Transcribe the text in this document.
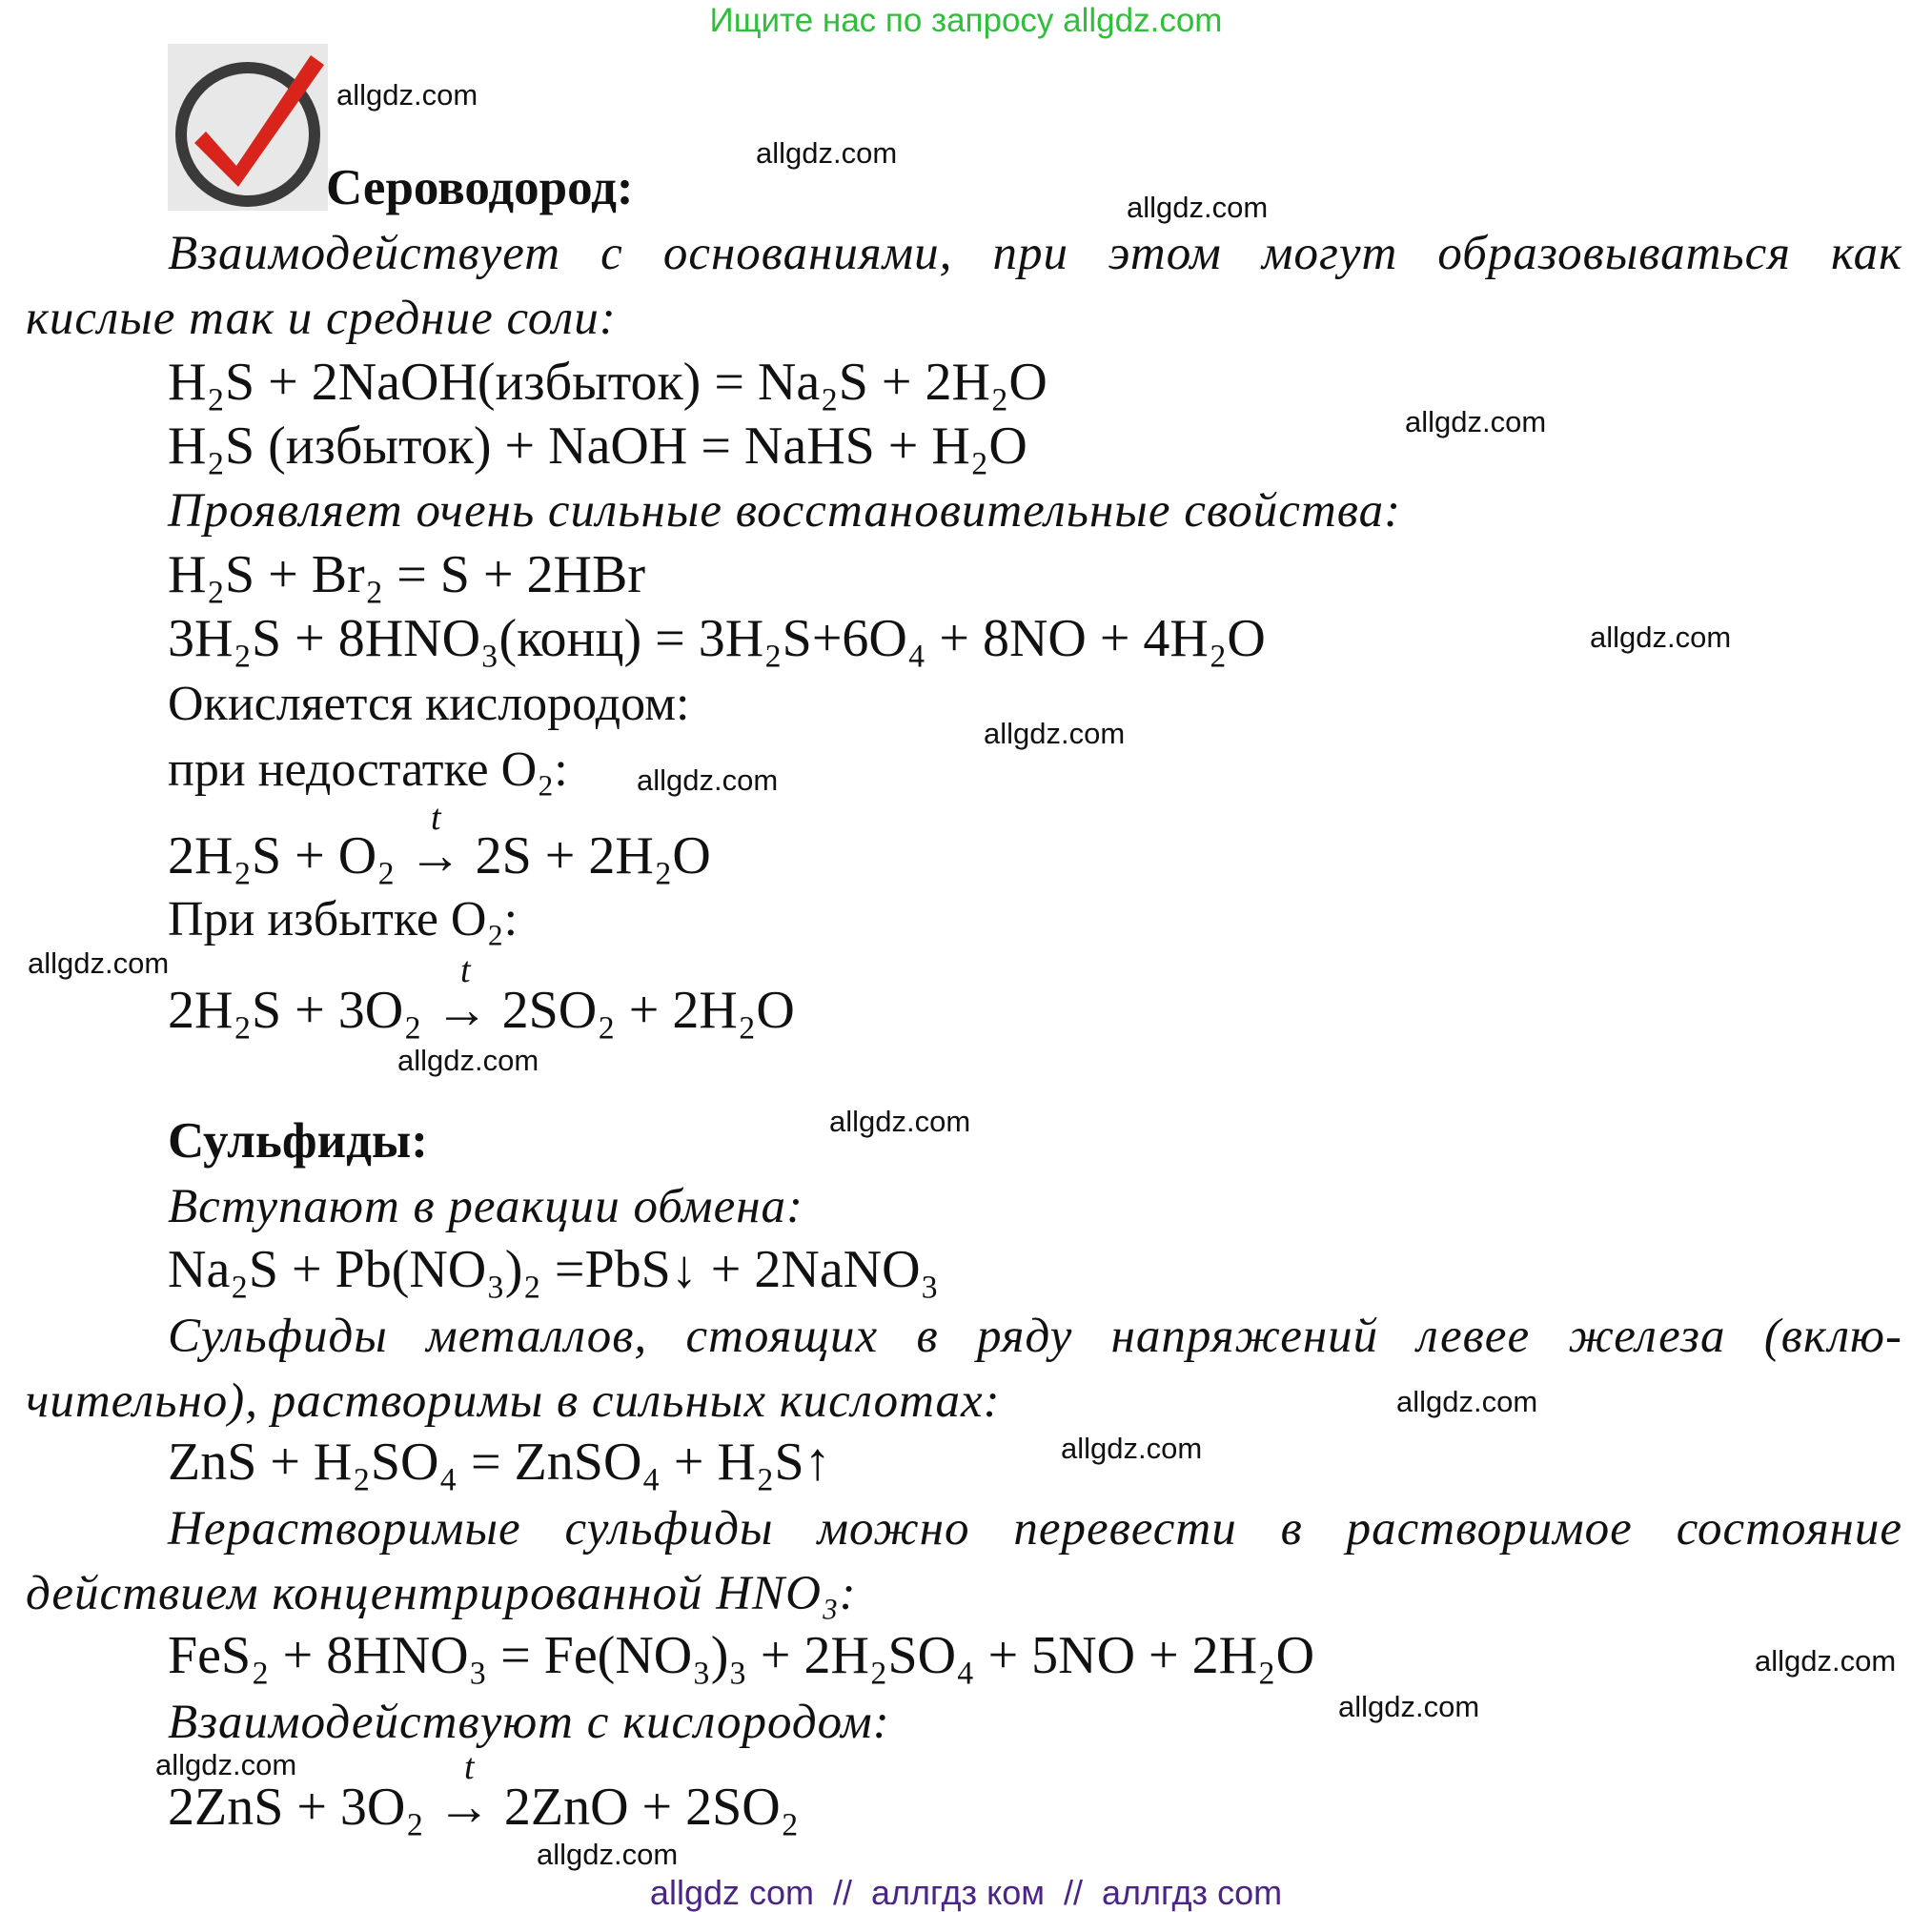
Ищите нас по запросу allgdz.com
allgdz.com
allgdz.com
allgdz.com
allgdz.com
allgdz.com
allgdz.com
allgdz.com
allgdz.com
allgdz.com
allgdz.com
allgdz.com
allgdz.com
allgdz.com
allgdz.com
allgdz.com
allgdz.com
Сероводород:
Взаимодействует с основаниями, при этом могут образовываться как
кислые так и средние соли:
H₂S + 2NaOH(избыток) = Na₂S + 2H₂O
H₂S (избыток) + NaOH = NaHS + H₂O
Проявляет очень сильные восстановительные свойства:
H₂S + Br₂ = S + 2HBr
3H₂S + 8HNO₃(конц) = 3H₂S+6O₄ + 8NO + 4H₂O
Окисляется кислородом:
при недостатке O₂:
t
2H₂S + O₂ → 2S + 2H₂O
При избытке O₂:
t
2H₂S + 3O₂ → 2SO₂ + 2H₂O
Сульфиды:
Вступают в реакции обмена:
Na₂S + Pb(NO₃)₂ =PbS↓ + 2NaNO₃
Сульфиды металлов, стоящих в ряду напряжений левее железа (вклю-
чительно), растворимы в сильных кислотах:
ZnS + H₂SO₄ = ZnSO₄ + H₂S↑
Нерастворимые сульфиды можно перевести в растворимое состояние
действием концентрированной HNO₃:
FeS₂ + 8HNO₃ = Fe(NO₃)₃ + 2H₂SO₄ + 5NO + 2H₂O
Взаимодействуют с кислородом:
t
2ZnS + 3O₂ → 2ZnO + 2SO₂
allgdz com  //  аллгдз ком  //  аллгдз com
